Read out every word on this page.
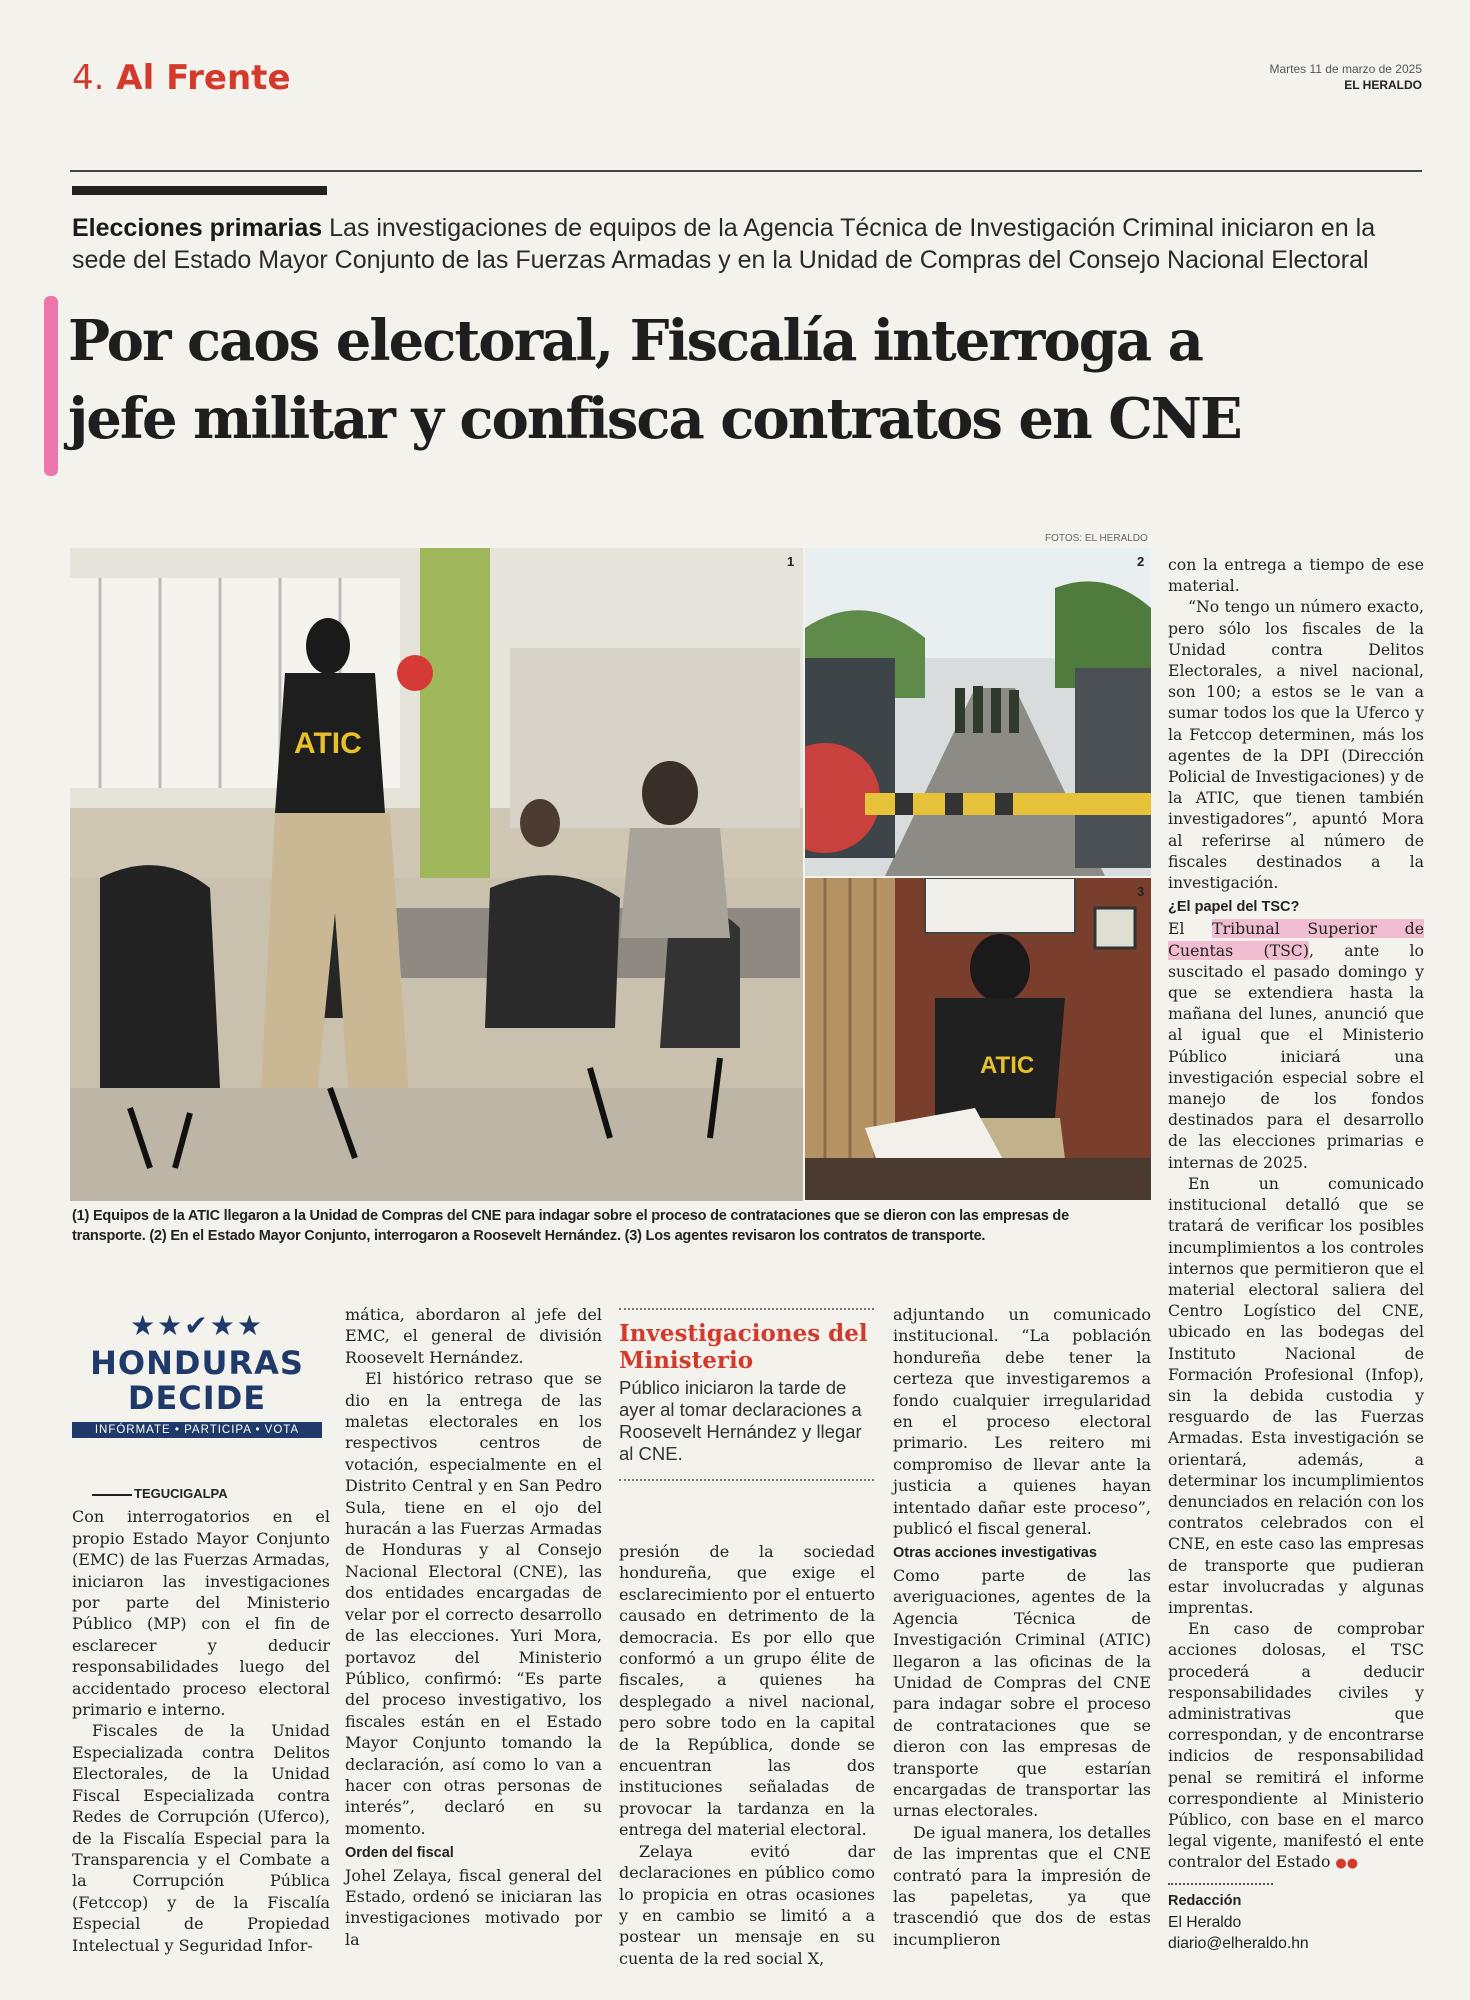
4. Al Frente	Martes 11 de marzo de 2025
EL HERALDO
Elecciones primarias Las investigaciones de equipos de la Agencia Técnica de Investigación Criminal iniciaron en la sede del Estado Mayor Conjunto de las Fuerzas Armadas y en la Unidad de Compras del Consejo Nacional Electoral
Por caos electoral, Fiscalía interroga a
jefe militar y confisca contratos en CNE
FOTOS: EL HERALDO
ATIC
1	2
ATIC
3
(1) Equipos de la ATIC llegaron a la Unidad de Compras del CNE para indagar sobre el proceso de contrataciones que se dieron con las empresas de transporte. (2) En el Estado Mayor Conjunto, interrogaron a Roosevelt Hernández. (3) Los agentes revisaron los contratos de transporte.
★★✔★★
HONDURAS
DECIDE
INFÓRMATE • PARTICIPA • VOTA
Investigaciones del Ministerio

Público iniciaron la tarde de ayer al tomar declaraciones a Roosevelt Hernández y llegar al CNE.

TEGUCIGALPA

Con interrogatorios en el propio Estado Mayor Conjunto (EMC) de las Fuerzas Armadas, iniciaron las investigaciones por parte del Ministerio Público (MP) con el fin de esclarecer y deducir responsabilidades luego del accidentado proceso electoral primario e interno.

Fiscales de la Unidad Especializada contra Delitos Electorales, de la Unidad Fiscal Especializada contra Redes de Corrupción (Uferco), de la Fiscalía Especial para la Transparencia y el Combate a la Corrupción Pública (Fetccop) y de la Fiscalía Especial de Propiedad Intelectual y Seguridad Infor-

mática, abordaron al jefe del EMC, el general de división Roosevelt Hernández.

El histórico retraso que se dio en la entrega de las maletas electorales en los respectivos centros de votación, especialmente en el Distrito Central y en San Pedro Sula, tiene en el ojo del huracán a las Fuerzas Armadas de Honduras y al Consejo Nacional Electoral (CNE), las dos entidades encargadas de velar por el correcto desarrollo de las elecciones. Yuri Mora, portavoz del Ministerio Público, confirmó: “Es parte del proceso investigativo, los fiscales están en el Estado Mayor Conjunto tomando la declaración, así como lo van a hacer con otras personas de interés”, declaró en su momento.

Orden del fiscal

Johel Zelaya, fiscal general del Estado, ordenó se iniciaran las investigaciones motivado por la

presión de la sociedad hondureña, que exige el esclarecimiento por el entuerto causado en detrimento de la democracia. Es por ello que conformó a un grupo élite de fiscales, a quienes ha desplegado a nivel nacional, pero sobre todo en la capital de la República, donde se encuentran las dos instituciones señaladas de provocar la tardanza en la entrega del material electoral.

Zelaya evitó dar declaraciones en público como lo propicia en otras ocasiones y en cambio se limitó a a postear un mensaje en su cuenta de la red social X,

adjuntando un comunicado institucional. “La población hondureña debe tener la certeza que investigaremos a fondo cualquier irregularidad en el proceso electoral primario. Les reitero mi compromiso de llevar ante la justicia a quienes hayan intentado dañar este proceso”, publicó el fiscal general.

Otras acciones investigativas

Como parte de las averiguaciones, agentes de la Agencia Técnica de Investigación Criminal (ATIC) llegaron a las oficinas de la Unidad de Compras del CNE para indagar sobre el proceso de contrataciones que se dieron con las empresas de transporte que estarían encargadas de transportar las urnas electorales.

De igual manera, los detalles de las imprentas que el CNE contrató para la impresión de las papeletas, ya que trascendió que dos de estas incumplieron

con la entrega a tiempo de ese material.

“No tengo un número exacto, pero sólo los fiscales de la Unidad contra Delitos Electorales, a nivel nacional, son 100; a estos se le van a sumar todos los que la Uferco y la Fetccop determinen, más los agentes de la DPI (Dirección Policial de Investigaciones) y de la ATIC, que tienen también investigadores”, apuntó Mora al referirse al número de fiscales destinados a la investigación.

¿El papel del TSC?

El Tribunal Superior de Cuentas (TSC), ante lo suscitado el pasado domingo y que se extendiera hasta la mañana del lunes, anunció que al igual que el Ministerio Público iniciará una investigación especial sobre el manejo de los fondos destinados para el desarrollo de las elecciones primarias e internas de 2025.

En un comunicado institucional detalló que se tratará de verificar los posibles incumplimientos a los controles internos que permitieron que el material electoral saliera del Centro Logístico del CNE, ubicado en las bodegas del Instituto Nacional de Formación Profesional (Infop), sin la debida custodia y resguardo de las Fuerzas Armadas. Esta investigación se orientará, además, a determinar los incumplimientos denunciados en relación con los contratos celebrados con el CNE, en este caso las empresas de transporte que pudieran estar involucradas y algunas imprentas.

En caso de comprobar acciones dolosas, el TSC procederá a deducir responsabilidades civiles y administrativas que correspondan, y de encontrarse indicios de responsabilidad penal se remitirá el informe correspondiente al Ministerio Público, con base en el marco legal vigente, manifestó el ente contralor del Estado ●●

Redacción

El Heraldo

diario@elheraldo.hn
